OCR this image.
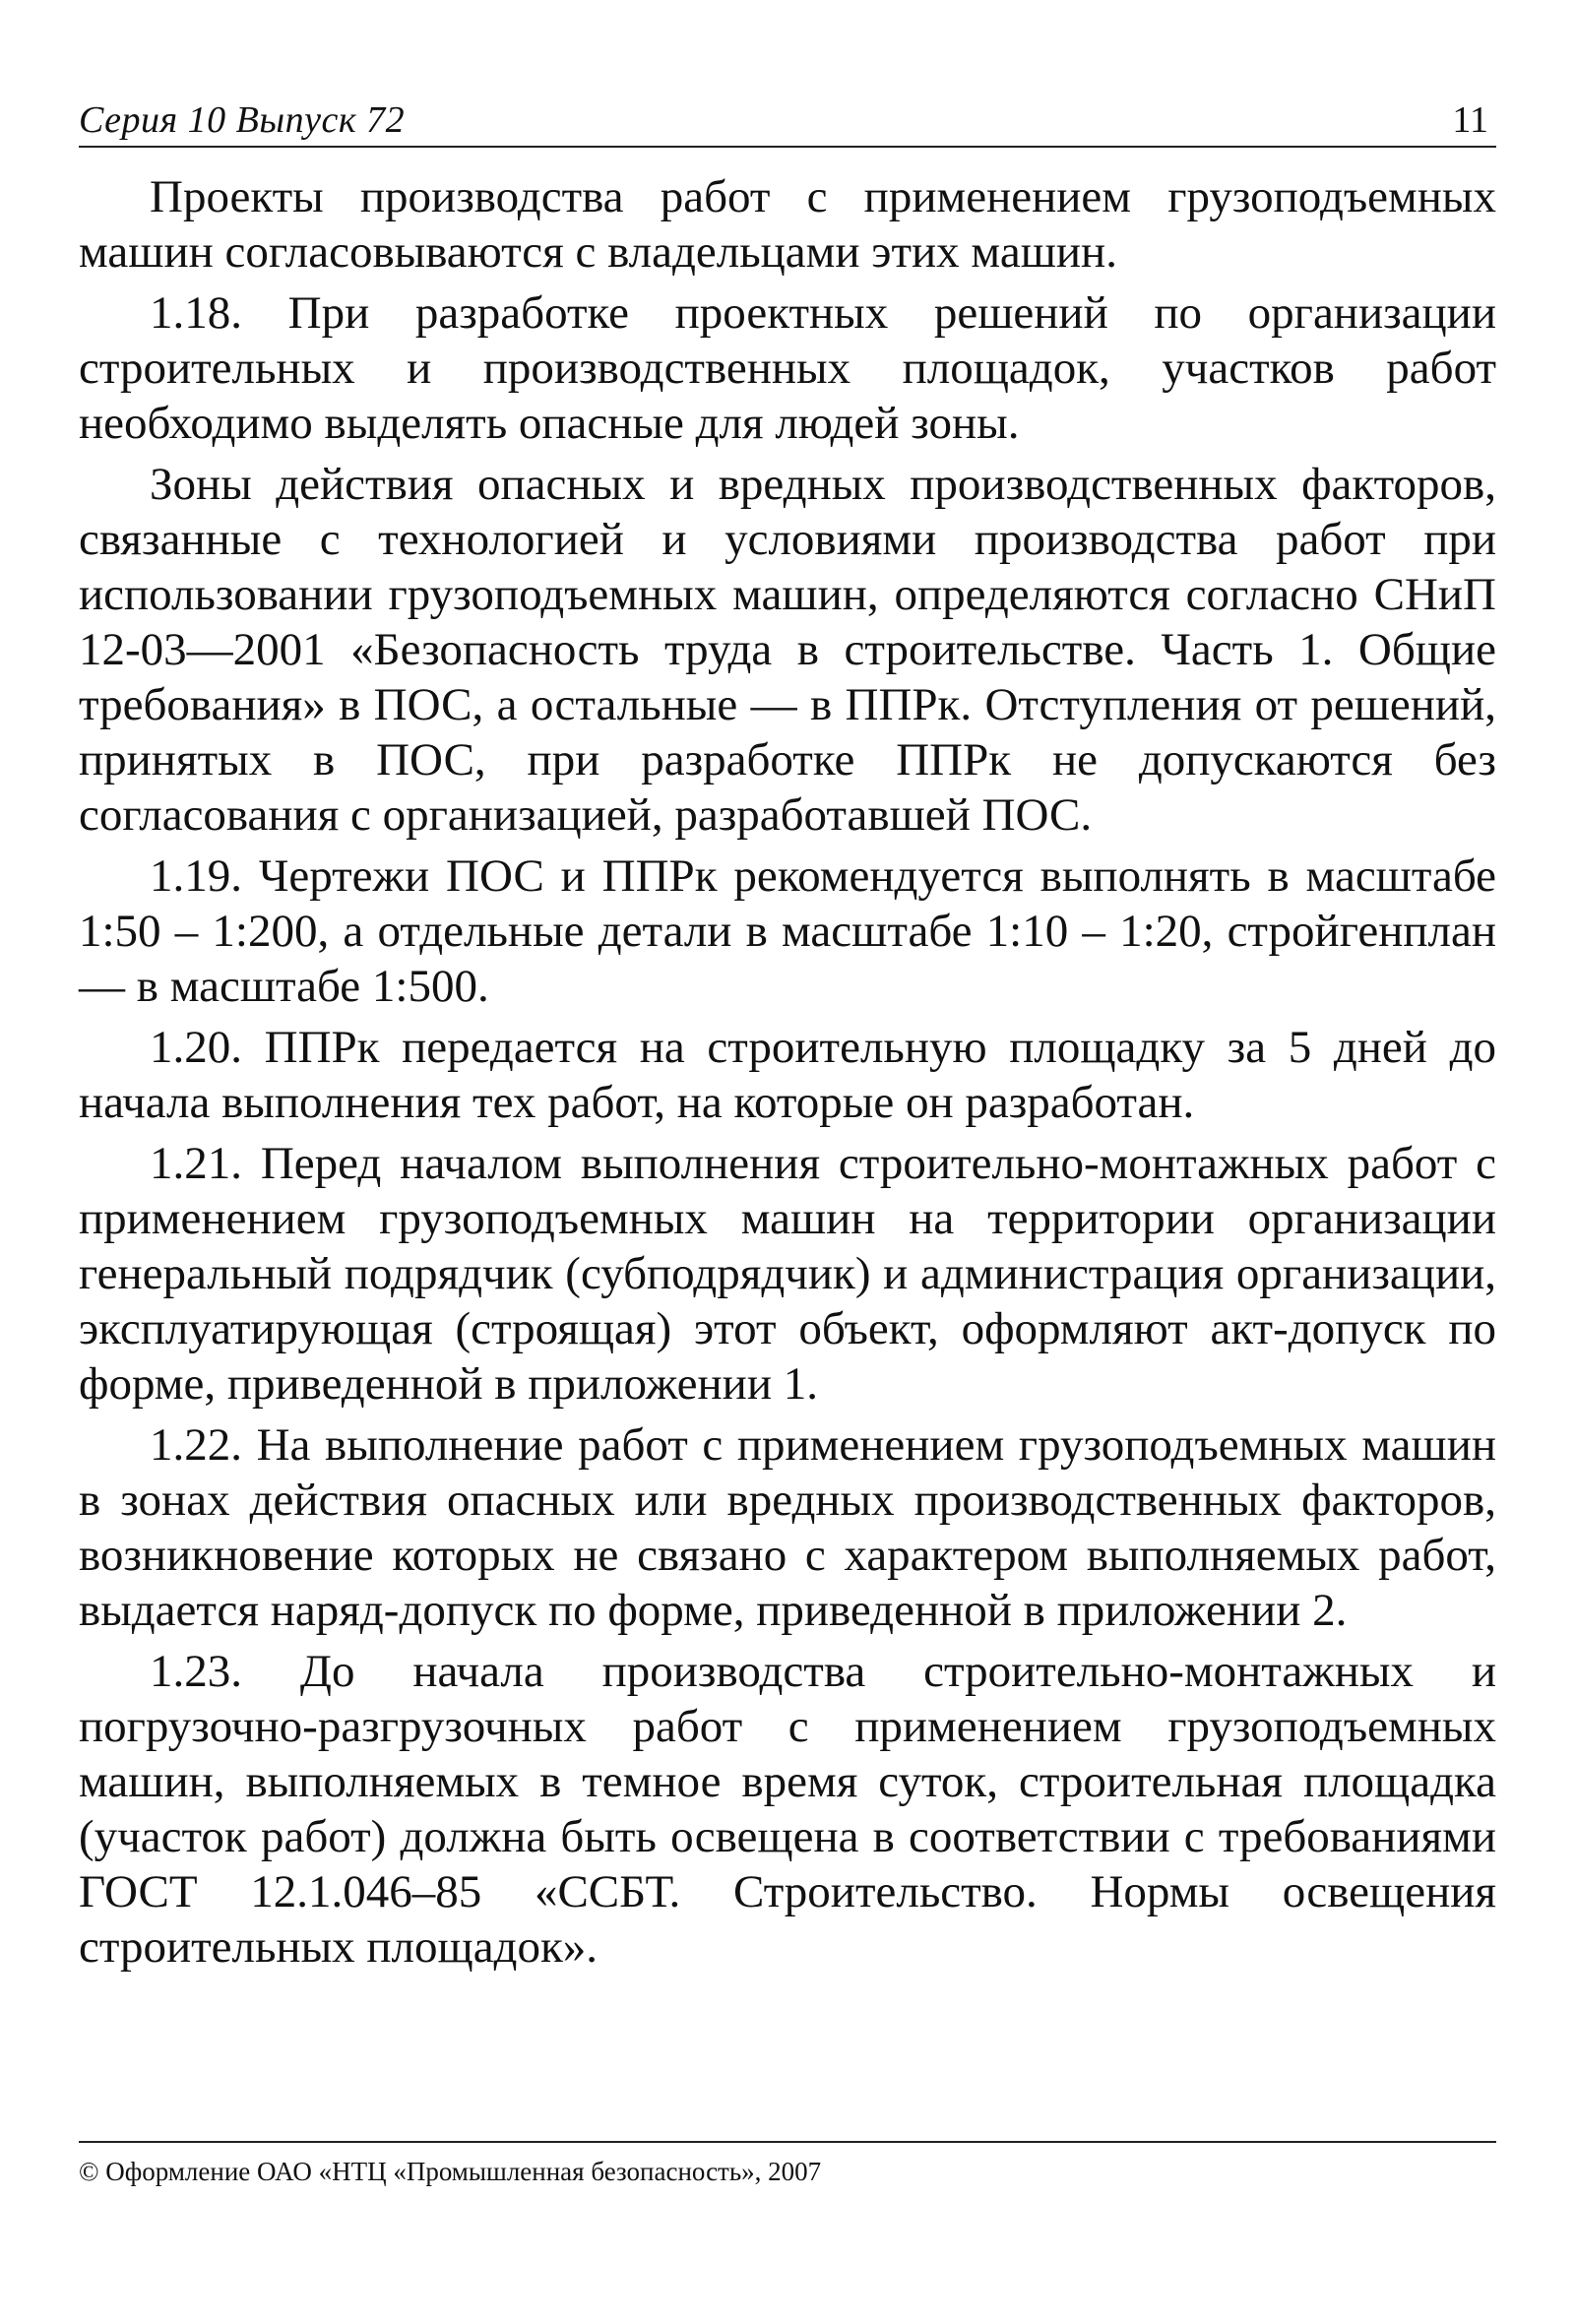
Серия 10 Выпуск 72	11

Проекты производства работ с применением грузоподъемных машин согласовываются с владельцами этих машин.

1.18. При разработке проектных решений по организации строительных и производственных площадок, участков работ необходимо выделять опасные для людей зоны.

Зоны действия опасных и вредных производственных факторов, связанные с технологией и условиями производства работ при использовании грузоподъемных машин, определяются согласно СНиП 12-03—2001 «Безопасность труда в строительстве. Часть 1. Общие требования» в ПОС, а остальные — в ППРк. Отступления от решений, принятых в ПОС, при разработке ППРк не допускаются без согласования с организацией, разработавшей ПОС.

1.19. Чертежи ПОС и ППРк рекомендуется выполнять в масштабе 1:50 – 1:200, а отдельные детали в масштабе 1:10 – 1:20, стройгенплан — в масштабе 1:500.

1.20. ППРк передается на строительную площадку за 5 дней до начала выполнения тех работ, на которые он разработан.

1.21. Перед началом выполнения строительно-монтажных работ с применением грузоподъемных машин на территории организации генеральный подрядчик (субподрядчик) и администрация организации, эксплуатирующая (строящая) этот объект, оформляют акт-допуск по форме, приведенной в приложении 1.

1.22. На выполнение работ с применением грузоподъемных машин в зонах действия опасных или вредных производственных факторов, возникновение которых не связано с характером выполняемых работ, выдается наряд-допуск по форме, приведенной в приложении 2.

1.23. До начала производства строительно-монтажных и погрузочно-разгрузочных работ с применением грузоподъемных машин, выполняемых в темное время суток, строительная площадка (участок работ) должна быть освещена в соответствии с требованиями ГОСТ 12.1.046–85 «ССБТ. Строительство. Нормы освещения строительных площадок».

© Оформление ОАО «НТЦ «Промышленная безопасность», 2007
